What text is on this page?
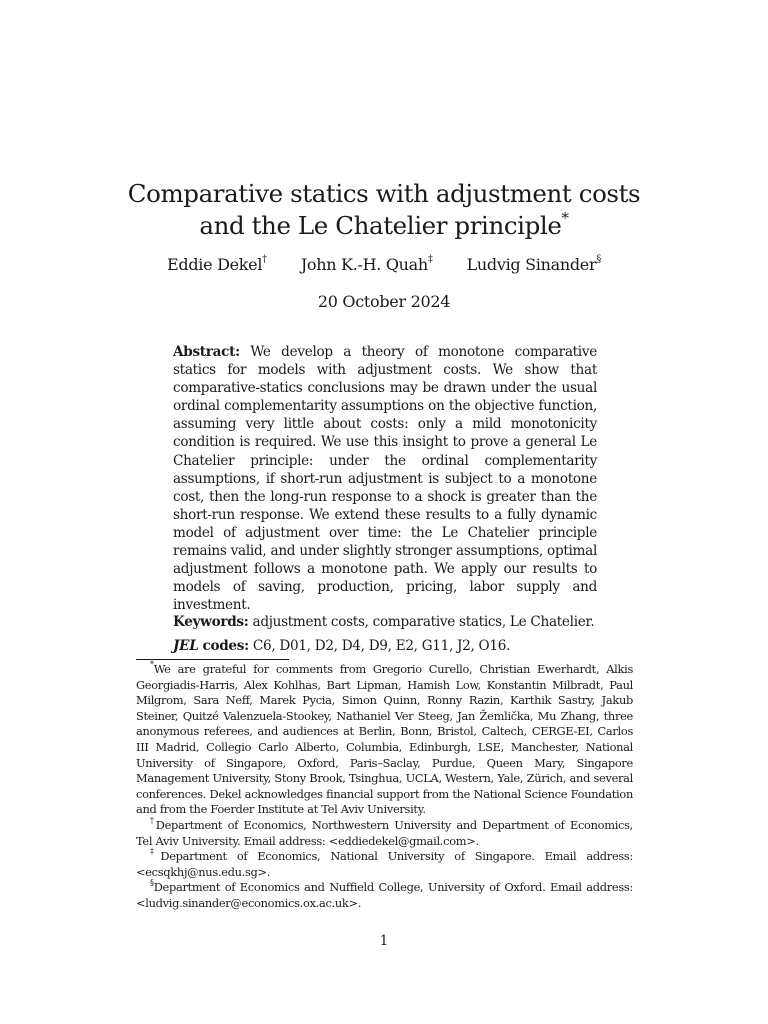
Comparative statics with adjustment costs
and the Le Chatelier principle*
Eddie Dekel† John K.-H. Quah‡ Ludvig Sinander§
20 October 2024
Abstract: We develop a theory of monotone comparative statics for models with adjustment costs. We show that comparative-statics conclusions may be drawn under the usual ordinal complementarity assumptions on the objective function, assuming very little about costs: only a mild monotonicity condition is required. We use this insight to prove a general Le Chatelier principle: under the ordinal complementarity assumptions, if short-run adjustment is subject to a monotone cost, then the long-run response to a shock is greater than the short-run response. We extend these results to a fully dynamic model of adjustment over time: the Le Chatelier principle remains valid, and under slightly stronger assumptions, optimal adjustment follows a monotone path. We apply our results to models of saving, production, pricing, labor supply and investment.
Keywords: adjustment costs, comparative statics, Le Chatelier.
JEL codes: C6, D01, D2, D4, D9, E2, G11, J2, O16.

*We are grateful for comments from Gregorio Curello, Christian Ewerhardt, Alkis Georgiadis-Harris, Alex Kohlhas, Bart Lipman, Hamish Low, Konstantin Milbradt, Paul Milgrom, Sara Neff, Marek Pycia, Simon Quinn, Ronny Razin, Karthik Sastry, Jakub Steiner, Quitzé Valenzuela-Stookey, Nathaniel Ver Steeg, Jan Žemlička, Mu Zhang, three anonymous referees, and audiences at Berlin, Bonn, Bristol, Caltech, CERGE-EI, Carlos III Madrid, Collegio Carlo Alberto, Columbia, Edinburgh, LSE, Manchester, National University of Singapore, Oxford, Paris–Saclay, Purdue, Queen Mary, Singapore Management University, Stony Brook, Tsinghua, UCLA, Western, Yale, Zürich, and several conferences. Dekel acknowledges financial support from the National Science Foundation and from the Foerder Institute at Tel Aviv University.

†Department of Economics, Northwestern University and Department of Economics, Tel Aviv University. Email address: <eddiedekel@gmail.com>.

‡Department of Economics, National University of Singapore. Email address: <ecsqkhj@nus.edu.sg>.

§Department of Economics and Nuffield College, University of Oxford. Email address: <ludvig.sinander@economics.ox.ac.uk>.

1
